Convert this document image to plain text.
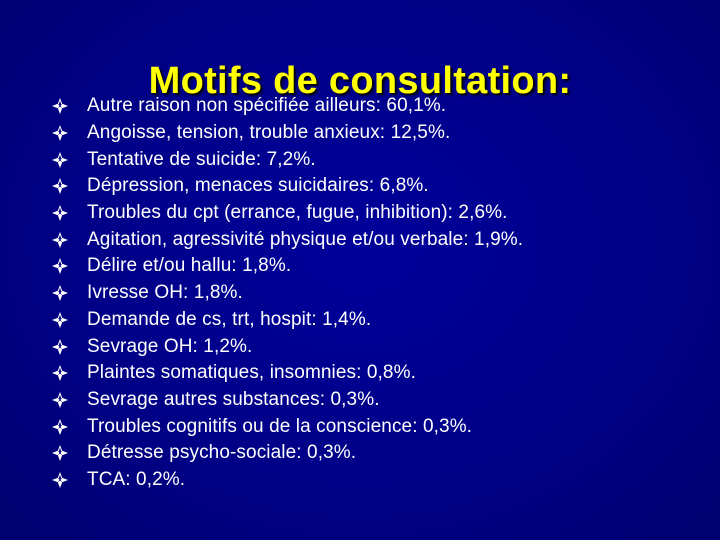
Motifs de consultation:
Autre raison non spécifiée ailleurs: 60,1%.
Angoisse, tension, trouble anxieux: 12,5%.
Tentative de suicide: 7,2%.
Dépression, menaces suicidaires: 6,8%.
Troubles du cpt (errance, fugue, inhibition): 2,6%.
Agitation, agressivité physique et/ou verbale: 1,9%.
Délire et/ou hallu: 1,8%.
Ivresse OH: 1,8%.
Demande de cs, trt, hospit: 1,4%.
Sevrage OH: 1,2%.
Plaintes somatiques, insomnies: 0,8%.
Sevrage autres substances: 0,3%.
Troubles cognitifs ou de la conscience: 0,3%.
Détresse psycho-sociale: 0,3%.
TCA: 0,2%.
